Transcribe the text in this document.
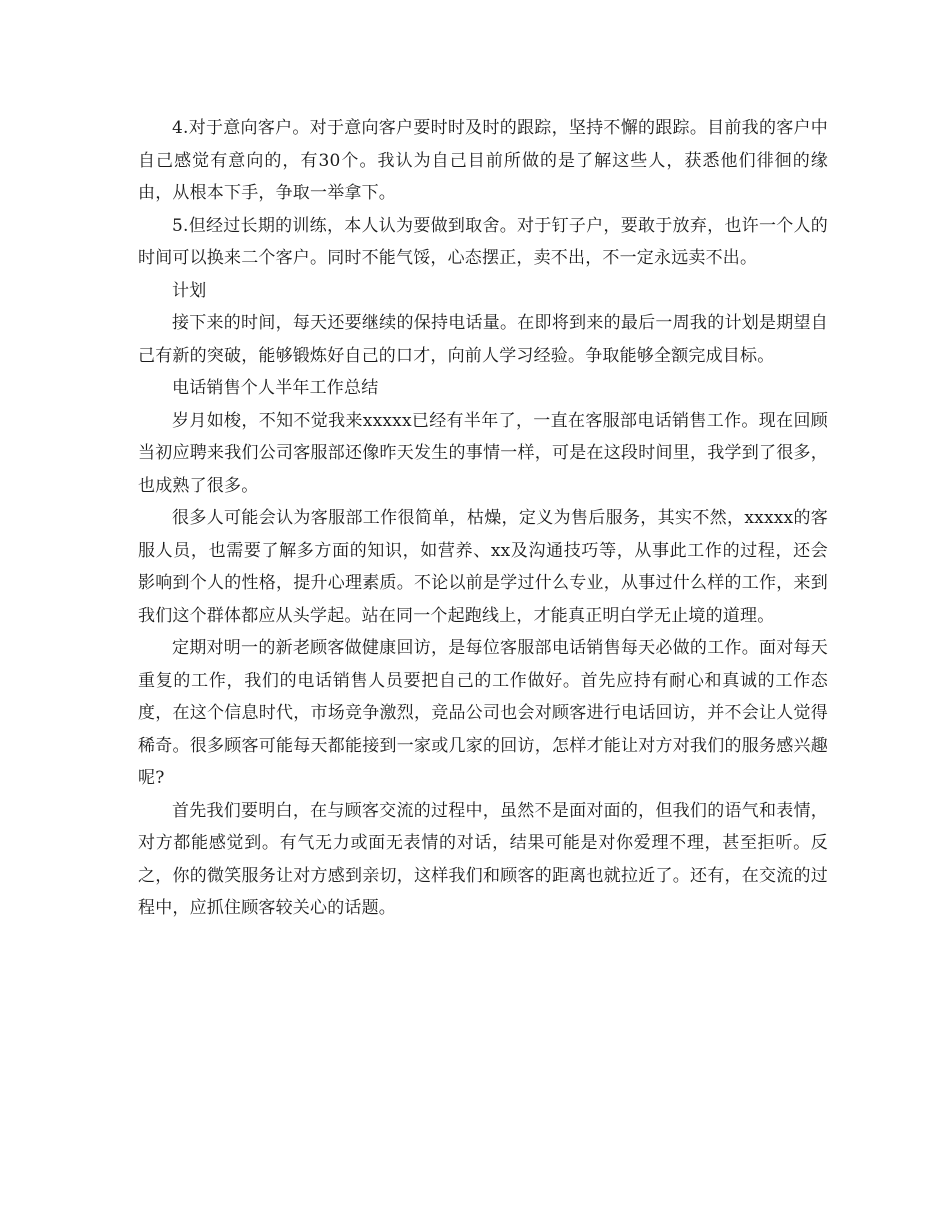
4.对于意向客户。对于意向客户要时时及时的跟踪，坚持不懈的跟踪。目前我的客户中自己感觉有意向的，有30个。我认为自己目前所做的是了解这些人，获悉他们徘徊的缘由，从根本下手，争取一举拿下。

5.但经过长期的训练，本人认为要做到取舍。对于钉子户，要敢于放弃，也许一个人的时间可以换来二个客户。同时不能气馁，心态摆正，卖不出，不一定永远卖不出。

计划

接下来的时间，每天还要继续的保持电话量。在即将到来的最后一周我的计划是期望自己有新的突破，能够锻炼好自己的口才，向前人学习经验。争取能够全额完成目标。

电话销售个人半年工作总结

岁月如梭，不知不觉我来xxxxx已经有半年了，一直在客服部电话销售工作。现在回顾当初应聘来我们公司客服部还像昨天发生的事情一样，可是在这段时间里，我学到了很多，也成熟了很多。

很多人可能会认为客服部工作很简单，枯燥，定义为售后服务，其实不然，xxxxx的客服人员，也需要了解多方面的知识，如营养、xx及沟通技巧等，从事此工作的过程，还会影响到个人的性格，提升心理素质。不论以前是学过什么专业，从事过什么样的工作，来到我们这个群体都应从头学起。站在同一个起跑线上，才能真正明白学无止境的道理。

定期对明一的新老顾客做健康回访，是每位客服部电话销售每天必做的工作。面对每天重复的工作，我们的电话销售人员要把自己的工作做好。首先应持有耐心和真诚的工作态度，在这个信息时代，市场竞争激烈，竞品公司也会对顾客进行电话回访，并不会让人觉得稀奇。很多顾客可能每天都能接到一家或几家的回访，怎样才能让对方对我们的服务感兴趣呢?

首先我们要明白，在与顾客交流的过程中，虽然不是面对面的，但我们的语气和表情，对方都能感觉到。有气无力或面无表情的对话，结果可能是对你爱理不理，甚至拒听。反之，你的微笑服务让对方感到亲切，这样我们和顾客的距离也就拉近了。还有，在交流的过程中，应抓住顾客较关心的话题。
